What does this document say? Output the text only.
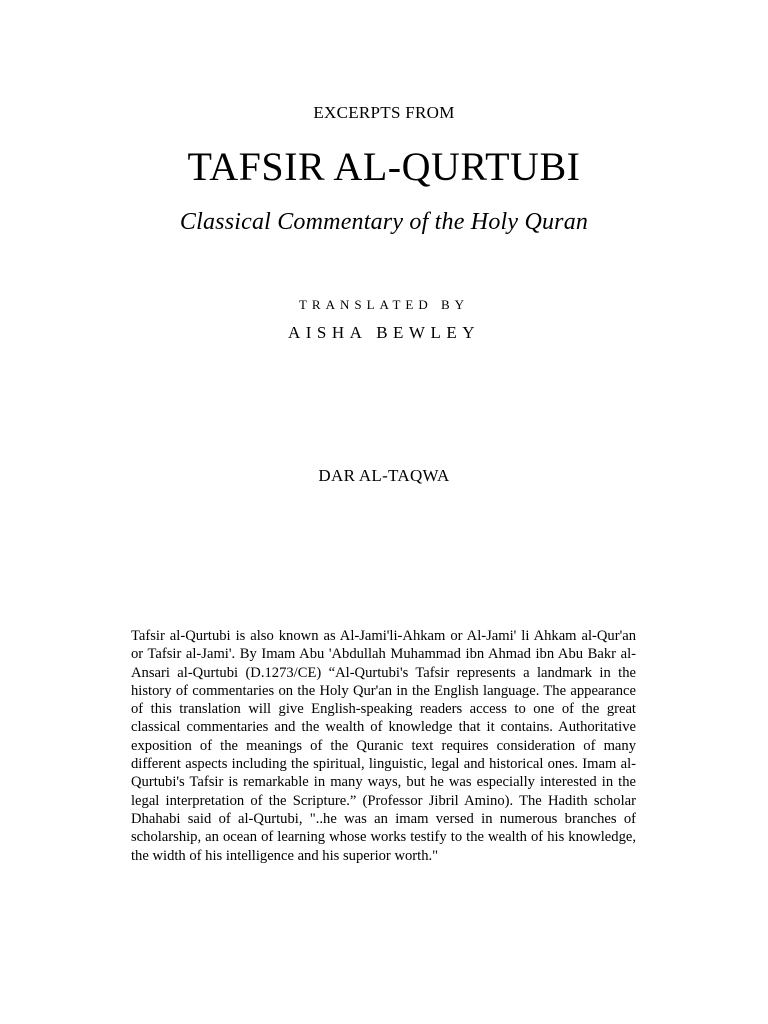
EXCERPTS FROM
TAFSIR AL-QURTUBI
Classical Commentary of the Holy Quran
TRANSLATED BY
AISHA BEWLEY
DAR AL-TAQWA
Tafsir al-Qurtubi is also known as Al-Jami'li-Ahkam or Al-Jami' li Ahkam al-Qur'an or Tafsir al-Jami'. By Imam Abu 'Abdullah Muhammad ibn Ahmad ibn Abu Bakr al-Ansari al-Qurtubi (D.1273/CE) “Al-Qurtubi's Tafsir represents a landmark in the history of commentaries on the Holy Qur'an in the English language. The appearance of this translation will give English-speaking readers access to one of the great classical commentaries and the wealth of knowledge that it contains. Authoritative exposition of the meanings of the Quranic text requires consideration of many different aspects including the spiritual, linguistic, legal and historical ones. Imam al-Qurtubi's Tafsir is remarkable in many ways, but he was especially interested in the legal interpretation of the Scripture.” (Professor Jibril Amino). The Hadith scholar Dhahabi said of al-Qurtubi, "..he was an imam versed in numerous branches of scholarship, an ocean of learning whose works testify to the wealth of his knowledge, the width of his intelligence and his superior worth."
